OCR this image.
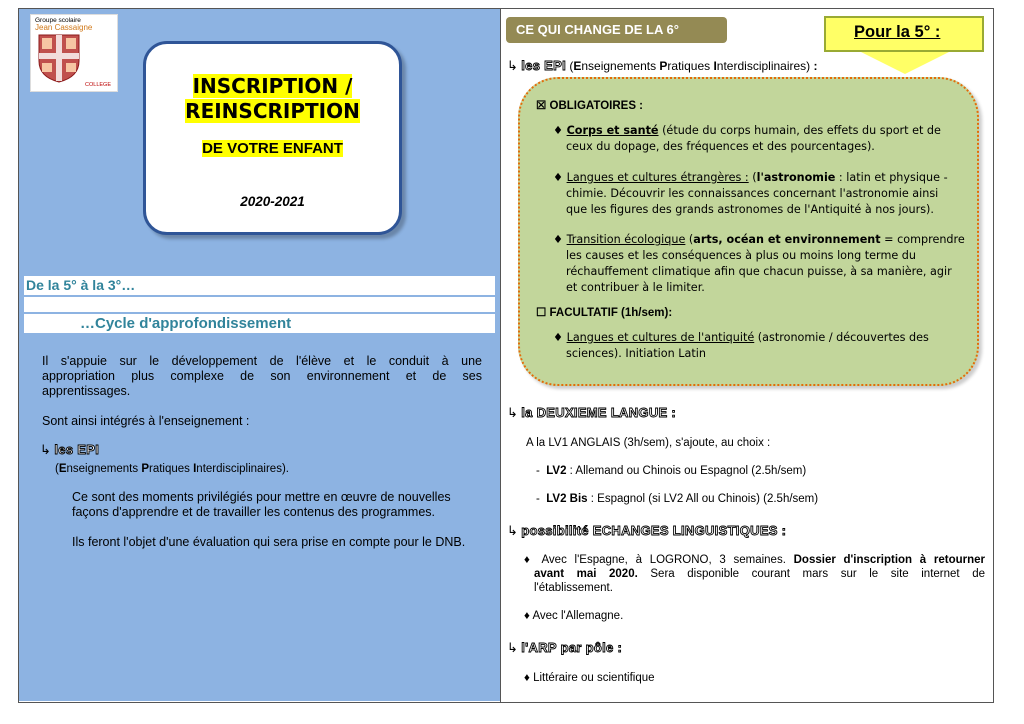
Groupe scolaire
Jean Cassaigne
COLLEGE	INSCRIPTION /
REINSCRIPTION
DE VOTRE ENFANT
2020-2021
De la 5° à la 3°…
…Cycle d'approfondissement
Il s'appuie sur le développement de l'élève et le conduit à une
appropriation plus complexe de son environnement et de ses
apprentissages.
Sont ainsi intégrés à l'enseignement :
↳ les EPI
(Enseignements Pratiques Interdisciplinaires).
Ce sont des moments privilégiés pour mettre en œuvre de nouvelles
façons d'apprendre et de travailler les contenus des programmes.
Ils feront l'objet d'une évaluation qui sera prise en compte pour le DNB.
CE QUI CHANGE DE LA 6°	Pour la 5° :
↳ les EPI (Enseignements Pratiques Interdisciplinaires) :
☒ OBLIGATOIRES :
♦ Corps et santé (étude du corps humain, des effets du sport et de
ceux du dopage, des fréquences et des pourcentages).
♦ Langues et cultures étrangères : (l'astronomie : latin et physique -
chimie. Découvrir les connaissances concernant l'astronomie ainsi
que les figures des grands astronomes de l'Antiquité à nos jours).
♦ Transition écologique (arts, océan et environnement = comprendre
les causes et les conséquences à plus ou moins long terme du
réchauffement climatique afin que chacun puisse, à sa manière, agir
et contribuer à le limiter.
☐ FACULTATIF (1h/sem):
♦ Langues et cultures de l'antiquité (astronomie / découvertes des
sciences). Initiation Latin
↳ la DEUXIEME LANGUE :
A la LV1 ANGLAIS (3h/sem), s'ajoute, au choix :
-  LV2 : Allemand ou Chinois ou Espagnol (2.5h/sem)
-  LV2 Bis : Espagnol (si LV2 All ou Chinois) (2.5h/sem)
↳ possibilité ECHANGES LINGUISTIQUES :
♦ Avec l'Espagne, à LOGRONO, 3 semaines. Dossier d'inscription à retourner
avant mai 2020. Sera disponible courant mars sur le site internet de
l'établissement.
♦ Avec l'Allemagne.
↳ l'ARP par pôle :
♦ Littéraire ou scientifique
